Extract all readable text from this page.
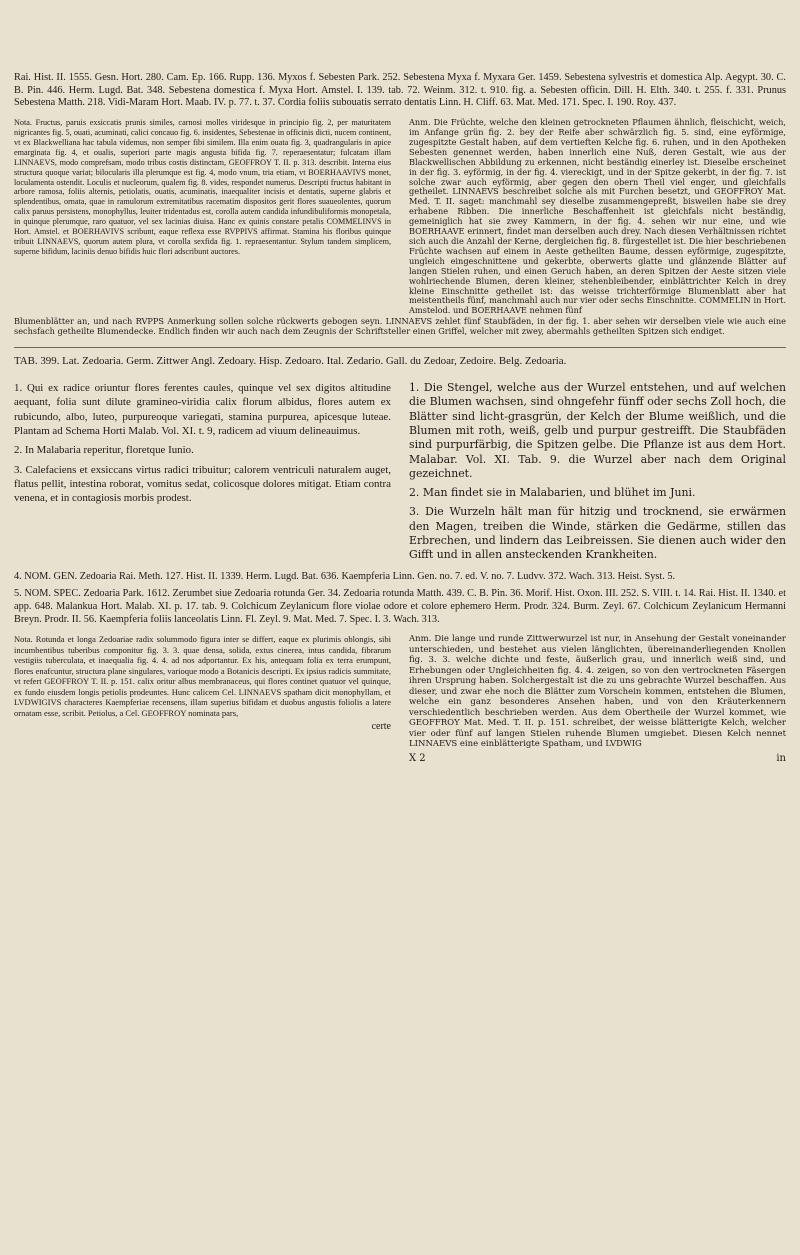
Rai. Hist. II. 1555. Gesn. Hort. 280. Cam. Ep. 166. Rupp. 136. Myxos f. Sebesten Park. 252. Sebestena Myxa f. Myxara Ger. 1459. Sebestena sylvestris et domestica Alp. Aegypt. 30. C. B. Pin. 446. Herm. Lugd. Bat. 348. Sebestena domestica f. Myxa Hort. Amstel. I. 139. tab. 72. Weinm. 312. t. 910. fig. a. Sebesten officin. Dill. H. Elth. 340. t. 255. f. 331. Prunus Sebestena Matth. 218. Vidi-Maram Hort. Maab. IV. p. 77. t. 37. Cordia foliis subouatis serrato dentatis Linn. H. Cliff. 63. Mat. Med. 171. Spec. I. 190. Roy. 437.

Nota. Fructus, paruis exsiccatis prunis similes, carnosi molles viridesque in principio fig. 2, per maturitatem nigricantes fig. 5, ouati, acuminati, calici concauo fig. 6. insidentes, Sebestenae in officinis dicti, nucem continent, vt ex Blackwelliana hac tabula videmus, non semper fibi similem. Illa enim ouata fig. 3, quadrangularis in apice emarginata fig. 4, et oualis, superiori parte magis angusta bifida fig. 7. reperaesentatur; fulcatam illam LINNAEVS, modo comprefsam, modo tribus costis distinctam, GEOFFROY T. II. p. 313. describit. Interna eius structura quoque variat; bilocularis illa plerumque est fig. 4, modo vnum, tria etiam, vt BOERHAAVIVS monet, loculamenta ostendit. Loculis et nucleorum, qualem fig. 8. vides, respondet numerus. Descripti fructus habitant in arbore ramosa, foliis alternis, petiolatis, ouatis, acuminatis, inaequaliter incisis et dentatis, superne glabris et splendentibus, ornata, quae in ramulorum extremitatibus racematim dispositos gerit flores suaueolentes, quorum calix paruus persistens, monophyllus, leuiter tridentadus est, corolla autem candida infundibuliformis monopetala, in quinque plerumque, raro quatuor, vel sex lacinias diuisa. Hanc ex quinis constare petalis COMMELINVS in Hort. Amstel. et BOERHAVIVS scribunt, eaque reflexa esse RVPPIVS affirmat. Stamina his floribus quinque tribuit LINNAEVS, quorum autem plura, vt corolla sexfida fig. 1. repraesentantur. Stylum tandem simplicem, superne bifidum, laciniis denuo bifidis huic flori adscribunt auctores.

Anm. Die Früchte, welche den kleinen getrockneten Pflaumen ähnlich, fleischicht, weich, im Anfange grün fig. 2. bey der Reife aber schwärzlich fig. 5. sind, eine eyförmige, zugespitzte Gestalt haben, auf dem vertieften Kelche fig. 6. ruhen, und in den Apotheken Sebesten genennet werden, haben innerlich eine Nuß, deren Gestalt, wie aus der Blackwellischen Abbildung zu erkennen, nicht beständig einerley ist. Dieselbe erscheinet in der fig. 3. eyförmig, in der fig. 4. viereckigt, und in der Spitze gekerbt, in der fig. 7. ist solche zwar auch eyförmig, aber gegen den obern Theil viel enger, und gleichfalls getheilet. LINNAEVS beschreibet solche als mit Furchen besetzt, und GEOFFROY Mat. Med. T. II. saget: manchmahl sey dieselbe zusammengepreßt, bisweilen habe sie drey erhabene Ribben. Die innerliche Beschaffenheit ist gleichfals nicht beständig, gemeiniglich hat sie zwey Kammern, in der fig. 4. sehen wir nur eine, und wie BOERHAAVE erinnert, findet man derselben auch drey. Nach diesen Verhältnissen richtet sich auch die Anzahl der Kerne, dergleichen fig. 8. fürgestellet ist. Die hier beschriebenen Früchte wachsen auf einem in Aeste getheilten Baume, dessen eyförmige, zugespitzte, ungleich eingeschnittene und gekerbte, oberwerts glatte und glänzende Blätter auf langen Stielen ruhen, und einen Geruch haben, an deren Spitzen der Aeste sitzen viele wohlriechende Blumen, deren kleiner, stehenbleibender, einblättrichter Kelch in drey kleine Einschnitte getheilet ist: das weisse trichterförmige Blumenblatt aber hat meistentheils fünf, manchmahl auch nur vier oder sechs Einschnitte. COMMELIN in Hort. Amstelod. und BOERHAAVE nehmen fünf

Blumenblätter an, und nach RVPPS Anmerkung sollen solche rückwerts gebogen seyn. LINNAEVS zehlet fünf Staubfäden, in der fig. 1. aber sehen wir derselben viele wie auch eine sechsfach getheilte Blumendecke. Endlich finden wir auch nach dem Zeugnis der Schriftsteller einen Griffel, welcher mit zwey, abermahls getheilten Spitzen sich endiget.

TAB. 399. Lat. Zedoaria. Germ. Zittwer Angl. Zedoary. Hisp. Zedoaro. Ital. Zedario. Gall. du Zedoar, Zedoire. Belg. Zedoaria.

1. Qui ex radice oriuntur flores ferentes caules, quinque vel sex digitos altitudine aequant, folia sunt dilute gramineo-viridia calix florum albidus, flores autem ex rubicundo, albo, luteo, purpureoque variegati, stamina purpurea, apicesque luteae. Plantam ad Schema Horti Malab. Vol. XI. t. 9, radicem ad viuum delineauimus.

2. In Malabaria reperitur, floretque Iunio.

3. Calefaciens et exsiccans virtus radici tribuitur; calorem ventriculi naturalem auget, flatus pellit, intestina roborat, vomitus sedat, colicosque dolores mitigat. Etiam contra venena, et in contagiosis morbis prodest.

1. Die Stengel, welche aus der Wurzel entstehen, und auf welchen die Blumen wachsen, sind ohngefehr fünff oder sechs Zoll hoch, die Blätter sind licht-grasgrün, der Kelch der Blume weißlich, und die Blumen mit roth, weiß, gelb und purpur gestreifft. Die Staubfäden sind purpurfärbig, die Spitzen gelbe. Die Pflanze ist aus dem Hort. Malabar. Vol. XI. Tab. 9. die Wurzel aber nach dem Original gezeichnet.

2. Man findet sie in Malabarien, und blühet im Juni.

3. Die Wurzeln hält man für hitzig und trocknend, sie erwärmen den Magen, treiben die Winde, stärken die Gedärme, stillen das Erbrechen, und lindern das Leibreissen. Sie dienen auch wider den Gifft und in allen ansteckenden Krankheiten.

4. NOM. GEN. Zedoaria Rai. Meth. 127. Hist. II. 1339. Herm. Lugd. Bat. 636. Kaempferia Linn. Gen. no. 7. ed. V. no. 7. Ludvv. 372. Wach. 313. Heist. Syst. 5.

5. NOM. SPEC. Zedoaria Park. 1612. Zerumbet siue Zedoaria rotunda Ger. 34. Zedoaria rotunda Matth. 439. C. B. Pin. 36. Morif. Hist. Oxon. III. 252. S. VIII. t. 14. Rai. Hist. II. 1340. et app. 648. Malankua Hort. Malab. XI. p. 17. tab. 9. Colchicum Zeylanicum flore violae odore et colore ephemero Herm. Prodr. 324. Burm. Zeyl. 67. Colchicum Zeylanicum Hermanni Breyn. Prodr. II. 56. Kaempferia foliis lanceolatis Linn. Fl. Zeyl. 9. Mat. Med. 7. Spec. I. 3. Wach. 313.

Nota. Rotunda et longa Zedoariae radix solummodo figura inter se differt, eaque ex plurimis oblongis, sibi incumbentibus tuberibus componitur fig. 3. 3. quae densa, solida, extus cinerea, intus candida, fibrarum vestigiis tuberculata, et inaequalia fig. 4. 4. ad nos adportantur. Ex his, antequam folia ex terra erumpunt, flores enafcuntur, structura plane singulares, varioque modo a Botanicis descripti. Ex ipsius radicis summitate, vt refert GEOFFROY T. II. p. 151. calix oritur albus membranaceus, qui flores continet quatuor vel quinque, ex fundo eiusdem longis petiolis prodeuntes. Hunc calicem Cel. LINNAEVS spatham dicit monophyllam, et LVDWIGIVS characteres Kaempferiae recensens, illam superius bifidam et duobus angustis foliolis a latere ornatam esse, scribit. Petiolus, a Cel. GEOFFROY nominata pars,

certe

Anm. Die lange und runde Zittwerwurzel ist nur, in Ansehung der Gestalt voneinander unterschieden, und bestehet aus vielen länglichten, übereinanderliegenden Knollen fig. 3. 3. welche dichte und feste, äußerlich grau, und innerlich weiß sind, und Erhebungen oder Ungleichheiten fig. 4. 4. zeigen, so von den vertrockneten Fäsergen ihren Ursprung haben. Solchergestalt ist die zu uns gebrachte Wurzel beschaffen. Aus dieser, und zwar ehe noch die Blätter zum Vorschein kommen, entstehen die Blumen, welche ein ganz besonderes Ansehen haben, und von den Kräuterkennern verschiedentlich beschrieben werden. Aus dem Obertheile der Wurzel kommet, wie GEOFFROY Mat. Med. T. II. p. 151. schreibet, der weisse blätterigte Kelch, welcher vier oder fünf auf langen Stielen ruhende Blumen umgiebet. Diesen Kelch nennet LINNAEVS eine einblätterigte Spatham, und LVDWIG

X 2	in
